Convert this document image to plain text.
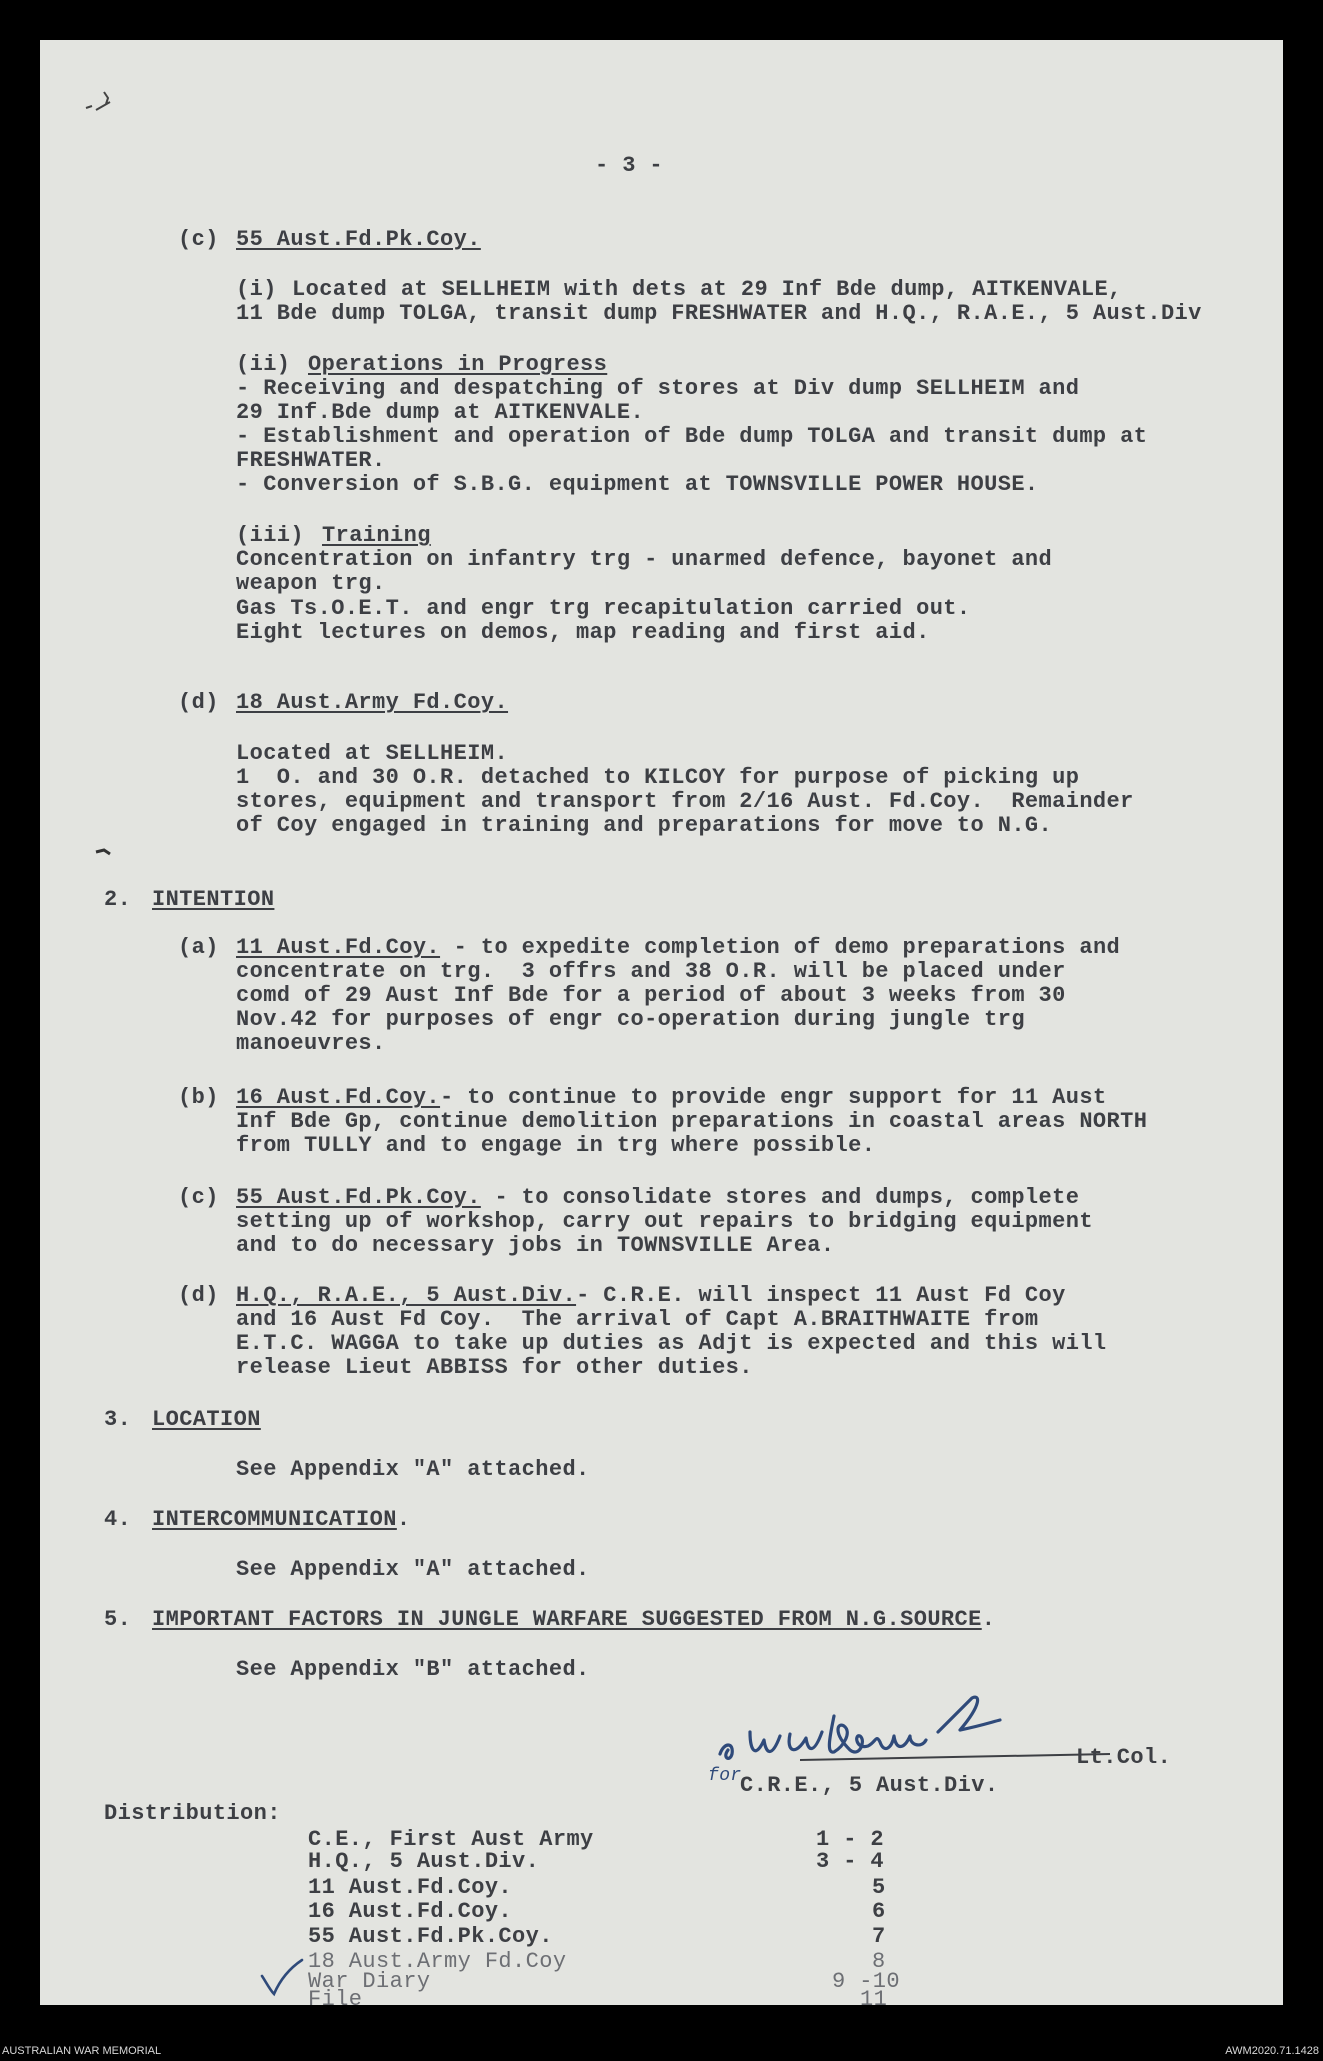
- 3 -

(c) 55 Aust.Fd.Pk.Coy.

(i) Located at SELLHEIM with dets at 29 Inf Bde dump, AITKENVALE,

11 Bde dump TOLGA, transit dump FRESHWATER and H.Q., R.A.E., 5 Aust.Div

(ii) Operations in Progress

- Receiving and despatching of stores at Div dump SELLHEIM and

29 Inf.Bde dump at AITKENVALE.

- Establishment and operation of Bde dump TOLGA and transit dump at

FRESHWATER.

- Conversion of S.B.G. equipment at TOWNSVILLE POWER HOUSE.

(iii) Training

Concentration on infantry trg - unarmed defence, bayonet and

weapon trg.

Gas Ts.O.E.T. and engr trg recapitulation carried out.

Eight lectures on demos, map reading and first aid.

(d) 18 Aust.Army Fd.Coy.

Located at SELLHEIM.

1  O. and 30 O.R. detached to KILCOY for purpose of picking up

stores, equipment and transport from 2/16 Aust. Fd.Coy.  Remainder

of Coy engaged in training and preparations for move to N.G.

2. INTENTION

(a) 11 Aust.Fd.Coy. - to expedite completion of demo preparations and

concentrate on trg.  3 offrs and 38 O.R. will be placed under

comd of 29 Aust Inf Bde for a period of about 3 weeks from 30

Nov.42 for purposes of engr co-operation during jungle trg

manoeuvres.

(b) 16 Aust.Fd.Coy.- to continue to provide engr support for 11 Aust

Inf Bde Gp, continue demolition preparations in coastal areas NORTH

from TULLY and to engage in trg where possible.

(c) 55 Aust.Fd.Pk.Coy. - to consolidate stores and dumps, complete

setting up of workshop, carry out repairs to bridging equipment

and to do necessary jobs in TOWNSVILLE Area.

(d) H.Q., R.A.E., 5 Aust.Div.- C.R.E. will inspect 11 Aust Fd Coy

and 16 Aust Fd Coy.  The arrival of Capt A.BRAITHWAITE from

E.T.C. WAGGA to take up duties as Adjt is expected and this will

release Lieut ABBISS for other duties.

3. LOCATION

See Appendix "A" attached.

4. INTERCOMMUNICATION.

See Appendix "A" attached.

5. IMPORTANT FACTORS IN JUNGLE WARFARE SUGGESTED FROM N.G.SOURCE.

See Appendix "B" attached.

for

Lt.Col.

C.R.E., 5 Aust.Div.

Distribution:

C.E., First Aust Army	1 - 2

H.Q., 5 Aust.Div.	3 - 4

11 Aust.Fd.Coy.	5

16 Aust.Fd.Coy.	6

55 Aust.Fd.Pk.Coy.	7

18 Aust.Army Fd.Coy	8

War Diary	9 -10

File	11

AUSTRALIAN WAR MEMORIAL	AWM2020.71.1428
